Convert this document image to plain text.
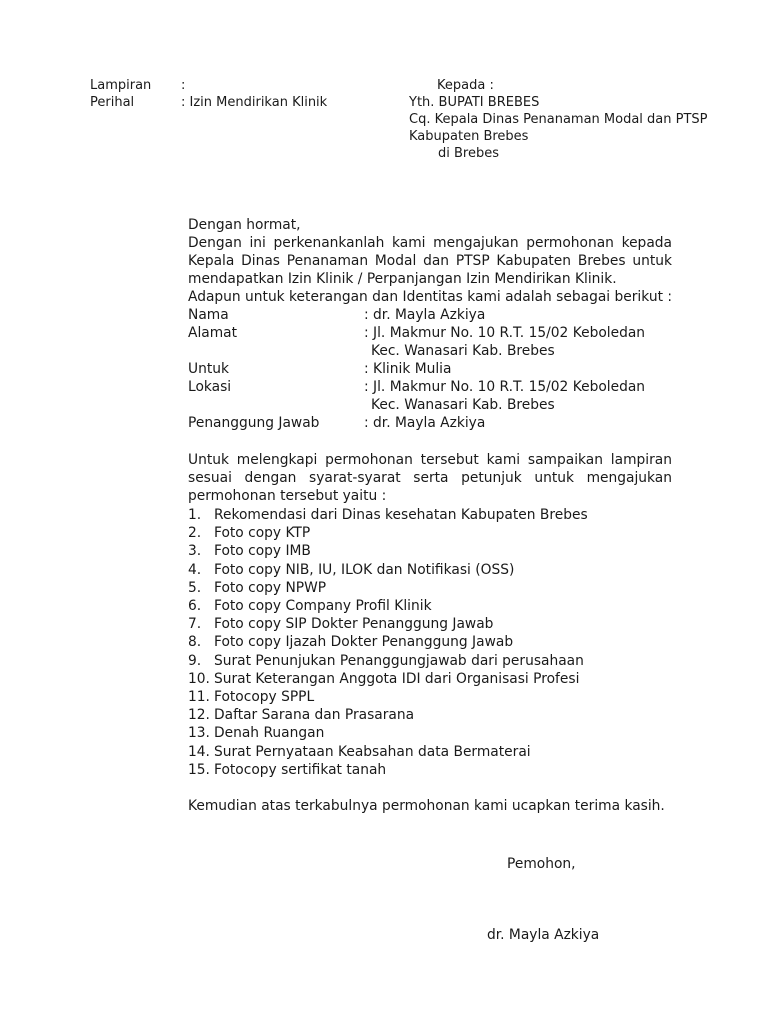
Lampiran :
Perihal	: Izin Mendirikan Klinik
Kepada :
Yth. BUPATI BREBES
Cq. Kepala Dinas Penanaman Modal dan PTSP
Kabupaten Brebes
di Brebes
Dengan hormat,
Dengan ini perkenankanlah kami mengajukan permohonan kepada
Kepala Dinas Penanaman Modal dan PTSP Kabupaten Brebes untuk
mendapatkan Izin Klinik / Perpanjangan Izin Mendirikan Klinik.
Adapun untuk keterangan dan Identitas kami adalah sebagai berikut :
Nama	: dr. Mayla Azkiya
Alamat	: Jl. Makmur No. 10 R.T. 15/02 Keboledan
Kec. Wanasari Kab. Brebes
Untuk	: Klinik Mulia
Lokasi	: Jl. Makmur No. 10 R.T. 15/02 Keboledan
Kec. Wanasari Kab. Brebes
Penanggung Jawab	: dr. Mayla Azkiya
Untuk melengkapi permohonan tersebut kami sampaikan lampiran
sesuai dengan syarat-syarat serta petunjuk untuk mengajukan
permohonan tersebut yaitu :
1. Rekomendasi dari Dinas kesehatan Kabupaten Brebes
2. Foto copy KTP
3. Foto copy IMB
4. Foto copy NIB, IU, ILOK dan Notifikasi (OSS)
5. Foto copy NPWP
6. Foto copy Company Profil Klinik
7. Foto copy SIP Dokter Penanggung Jawab
8. Foto copy Ijazah Dokter Penanggung Jawab
9. Surat Penunjukan Penanggungjawab dari perusahaan
10. Surat Keterangan Anggota IDI dari Organisasi Profesi
11. Fotocopy SPPL
12. Daftar Sarana dan Prasarana
13. Denah Ruangan
14. Surat Pernyataan Keabsahan data Bermaterai
15. Fotocopy sertifikat tanah
Kemudian atas terkabulnya permohonan kami ucapkan terima kasih.
Pemohon,
dr. Mayla Azkiya
